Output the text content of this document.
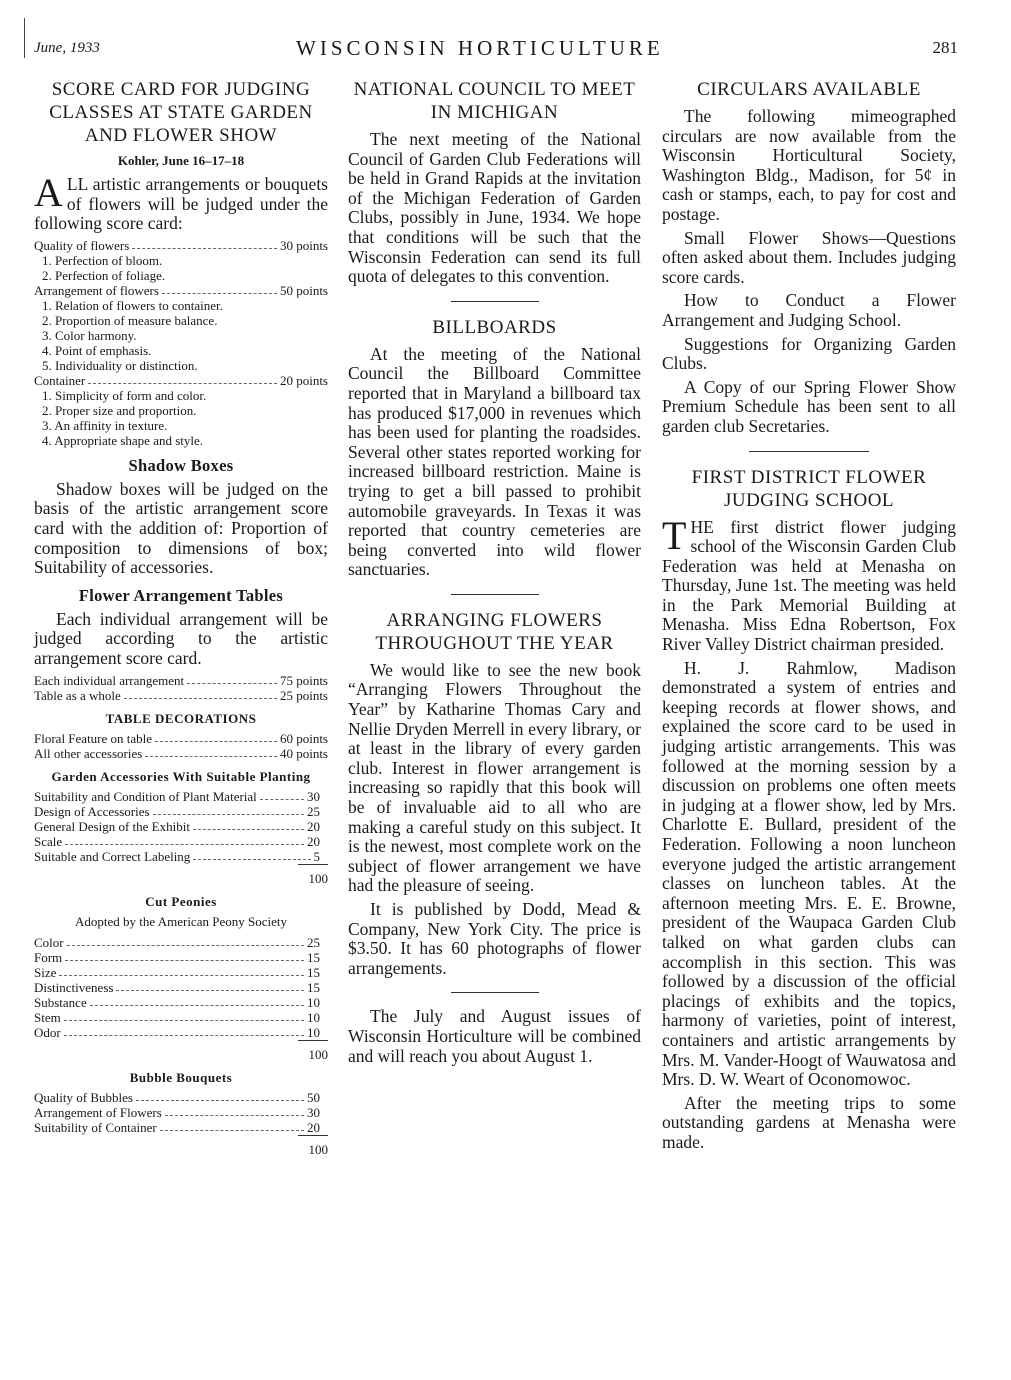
June, 1933	WISCONSIN HORTICULTURE	281
SCORE CARD FOR JUDGING CLASSES AT STATE GARDEN AND FLOWER SHOW
Kohler, June 16–17–18

ALL artistic arrangements or bouquets of flowers will be judged under the following score card:

Quality of flowers	30 points

1. Perfection of bloom.

2. Perfection of foliage.

Arrangement of flowers	50 points

1. Relation of flowers to container.

2. Proportion of measure balance.

3. Color harmony.

4. Point of emphasis.

5. Individuality or distinction.

Container	20 points

1. Simplicity of form and color.

2. Proper size and proportion.

3. An affinity in texture.

4. Appropriate shape and style.

Shadow Boxes

Shadow boxes will be judged on the basis of the artistic arrangement score card with the addition of: Proportion of composition to dimensions of box; Suitability of accessories.

Flower Arrangement Tables

Each individual arrangement will be judged according to the artistic arrangement score card.

Each individual arrangement	75 points
Table as a whole	25 points
TABLE DECORATIONS
Floral Feature on table	60 points
All other accessories	40 points
Garden Accessories With Suitable Planting
Suitability and Condition of Plant Material	30
Design of Accessories	25
General Design of the Exhibit	20
Scale	20
Suitable and Correct Labeling	5
100
Cut Peonies
Adopted by the American Peony Society
Color	25
Form	15
Size	15
Distinctiveness	15
Substance	10
Stem	10
Odor	10
100
Bubble Bouquets
Quality of Bubbles	50
Arrangement of Flowers	30
Suitability of Container	20
100
NATIONAL COUNCIL TO MEET IN MICHIGAN

The next meeting of the National Council of Garden Club Federations will be held in Grand Rapids at the invitation of the Michigan Federation of Garden Clubs, possibly in June, 1934. We hope that conditions will be such that the Wisconsin Federation can send its full quota of delegates to this convention.

BILLBOARDS

At the meeting of the National Council the Billboard Committee reported that in Maryland a billboard tax has produced $17,000 in revenues which has been used for planting the roadsides. Several other states reported working for increased billboard restriction. Maine is trying to get a bill passed to prohibit automobile graveyards. In Texas it was reported that country cemeteries are being converted into wild flower sanctuaries.

ARRANGING FLOWERS THROUGHOUT THE YEAR

We would like to see the new book “Arranging Flowers Throughout the Year” by Katharine Thomas Cary and Nellie Dryden Merrell in every library, or at least in the library of every garden club. Interest in flower arrangement is increasing so rapidly that this book will be of invaluable aid to all who are making a careful study on this subject. It is the newest, most complete work on the subject of flower arrangement we have had the pleasure of seeing.

It is published by Dodd, Mead & Company, New York City. The price is $3.50. It has 60 photographs of flower arrangements.

The July and August issues of Wisconsin Horticulture will be combined and will reach you about August 1.

CIRCULARS AVAILABLE

The following mimeographed circulars are now available from the Wisconsin Horticultural Society, Washington Bldg., Madison, for 5¢ in cash or stamps, each, to pay for cost and postage.

Small Flower Shows—Questions often asked about them. Includes judging score cards.

How to Conduct a Flower Arrangement and Judging School.

Suggestions for Organizing Garden Clubs.

A Copy of our Spring Flower Show Premium Schedule has been sent to all garden club Secretaries.

FIRST DISTRICT FLOWER JUDGING SCHOOL

THE first district flower judging school of the Wisconsin Garden Club Federation was held at Menasha on Thursday, June 1st. The meeting was held in the Park Memorial Building at Menasha. Miss Edna Robertson, Fox River Valley District chairman presided.

H. J. Rahmlow, Madison demonstrated a system of entries and keeping records at flower shows, and explained the score card to be used in judging artistic arrangements. This was followed at the morning session by a discussion on problems one often meets in judging at a flower show, led by Mrs. Charlotte E. Bullard, president of the Federation. Following a noon luncheon everyone judged the artistic arrangement classes on luncheon tables. At the afternoon meeting Mrs. E. E. Browne, president of the Waupaca Garden Club talked on what garden clubs can accomplish in this section. This was followed by a discussion of the official placings of exhibits and the topics, harmony of varieties, point of interest, containers and artistic arrangements by Mrs. M. Vander-Hoogt of Wauwatosa and Mrs. D. W. Weart of Oconomowoc.

After the meeting trips to some outstanding gardens at Menasha were made.
